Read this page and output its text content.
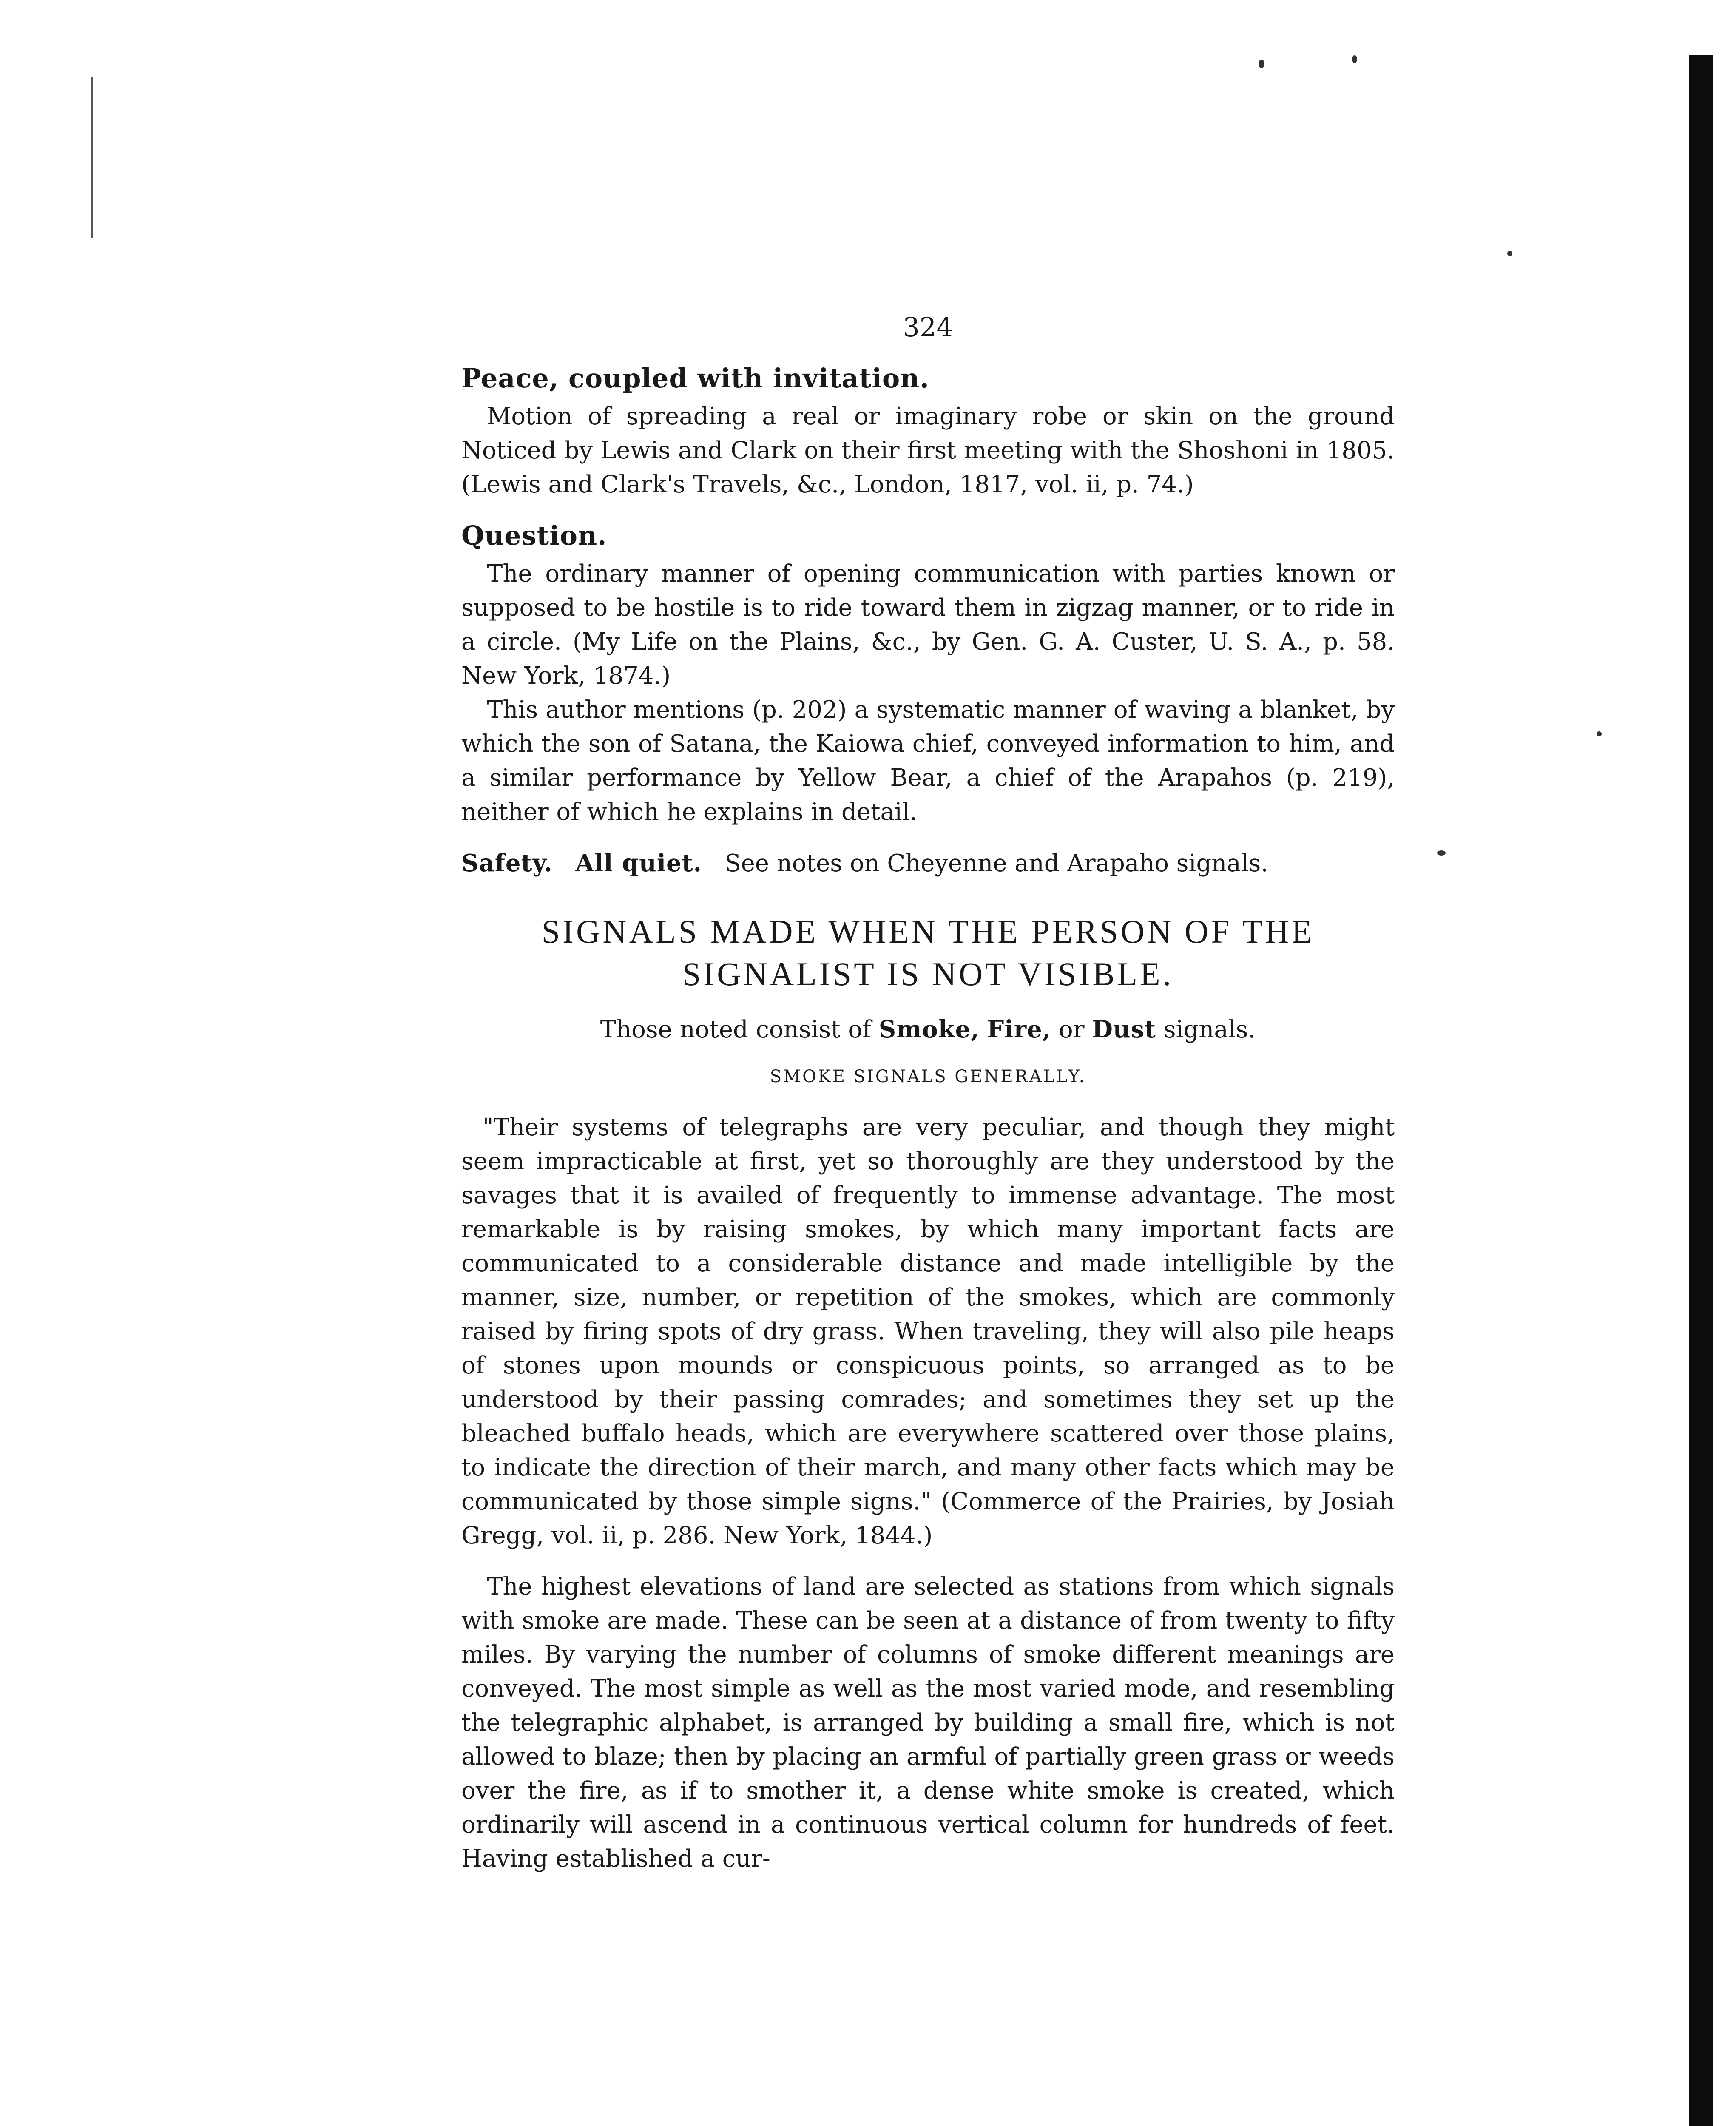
324
Peace, coupled with invitation.

Motion of spreading a real or imaginary robe or skin on the ground Noticed by Lewis and Clark on their first meeting with the Shoshoni in 1805. (Lewis and Clark's Travels, &c., London, 1817, vol. ii, p. 74.)

Question.

The ordinary manner of opening communication with parties known or supposed to be hostile is to ride toward them in zigzag manner, or to ride in a circle. (My Life on the Plains, &c., by Gen. G. A. Custer, U. S. A., p. 58. New York, 1874.)

This author mentions (p. 202) a systematic manner of waving a blanket, by which the son of Satana, the Kaiowa chief, conveyed information to him, and a similar performance by Yellow Bear, a chief of the Arapahos (p. 219), neither of which he explains in detail.

Safety. All quiet. See notes on Cheyenne and Arapaho signals.
SIGNALS MADE WHEN THE PERSON OF THE
SIGNALIST IS NOT VISIBLE.
Those noted consist of Smoke, Fire, or Dust signals.
SMOKE SIGNALS GENERALLY.

"Their systems of telegraphs are very peculiar, and though they might seem impracticable at first, yet so thoroughly are they understood by the savages that it is availed of frequently to immense advantage. The most remarkable is by raising smokes, by which many important facts are communicated to a considerable distance and made intelligible by the manner, size, number, or repetition of the smokes, which are commonly raised by firing spots of dry grass. When traveling, they will also pile heaps of stones upon mounds or conspicuous points, so arranged as to be understood by their passing comrades; and sometimes they set up the bleached buffalo heads, which are everywhere scattered over those plains, to indicate the direction of their march, and many other facts which may be communicated by those simple signs." (Commerce of the Prairies, by Josiah Gregg, vol. ii, p. 286. New York, 1844.)

The highest elevations of land are selected as stations from which signals with smoke are made. These can be seen at a distance of from twenty to fifty miles. By varying the number of columns of smoke different meanings are conveyed. The most simple as well as the most varied mode, and resembling the telegraphic alphabet, is arranged by building a small fire, which is not allowed to blaze; then by placing an armful of partially green grass or weeds over the fire, as if to smother it, a dense white smoke is created, which ordinarily will ascend in a continuous vertical column for hundreds of feet. Having established a cur-
